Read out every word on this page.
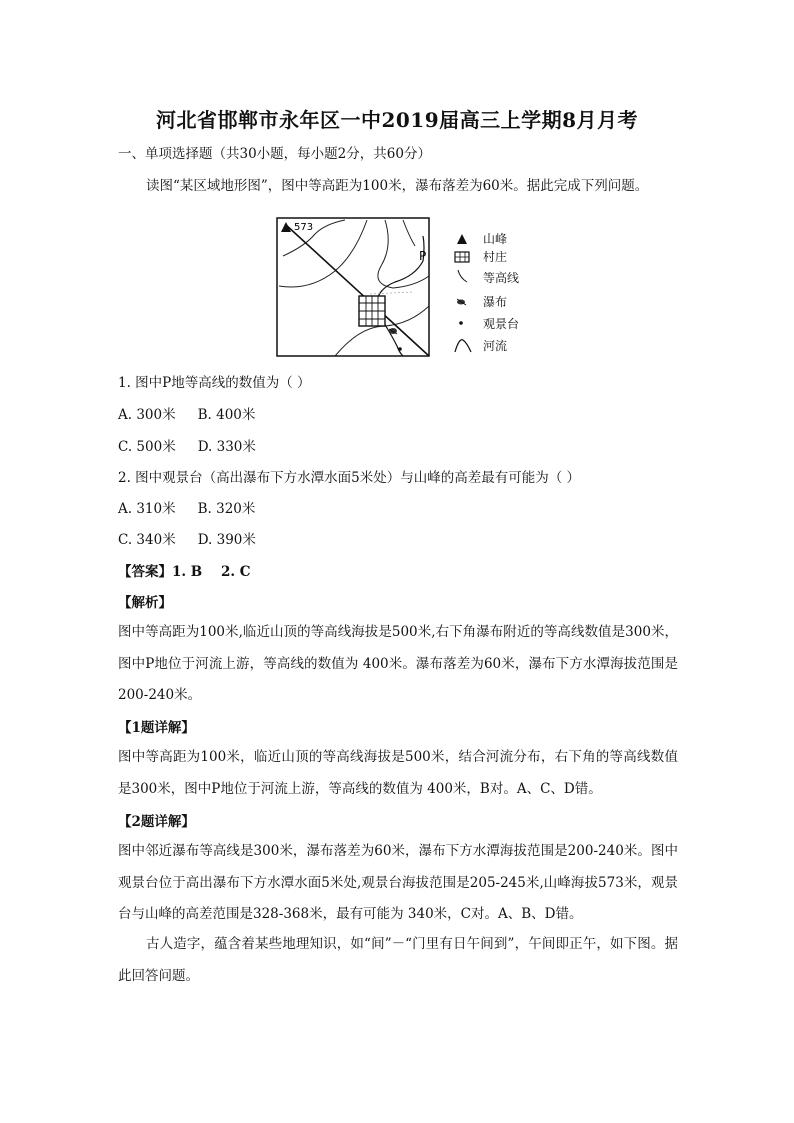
河北省邯郸市永年区一中2019届高三上学期8月月考
一、单项选择题（共30小题，每小题2分，共60分）
读图“某区域地形图”，图中等高距为100米，瀑布落差为60米。据此完成下列问题。
573
P
山峰
村庄
等高线
瀑布
观景台
河流
1. 图中P地等高线的数值为（ ）
A. 300米 B. 400米
C. 500米 D. 330米
2. 图中观景台（高出瀑布下方水潭水面5米处）与山峰的高差最有可能为（ ）
A. 310米 B. 320米
C. 340米 D. 390米
【答案】1. B    2. C
【解析】
图中等高距为100米,临近山顶的等高线海拔是500米,右下角瀑布附近的等高线数值是300米，图中P地位于河流上游，等高线的数值为 400米。瀑布落差为60米，瀑布下方水潭海拔范围是200-240米。
【1题详解】
图中等高距为100米，临近山顶的等高线海拔是500米，结合河流分布，右下角的等高线数值是300米，图中P地位于河流上游，等高线的数值为 400米，B对。A、C、D错。
【2题详解】
图中邻近瀑布等高线是300米，瀑布落差为60米，瀑布下方水潭海拔范围是200-240米。图中观景台位于高出瀑布下方水潭水面5米处,观景台海拔范围是205-245米,山峰海拔573米，观景台与山峰的高差范围是328-368米，最有可能为 340米，C对。A、B、D错。
古人造字，蕴含着某些地理知识，如“间”－“门里有日午间到”，午间即正午，如下图。据此回答问题。
